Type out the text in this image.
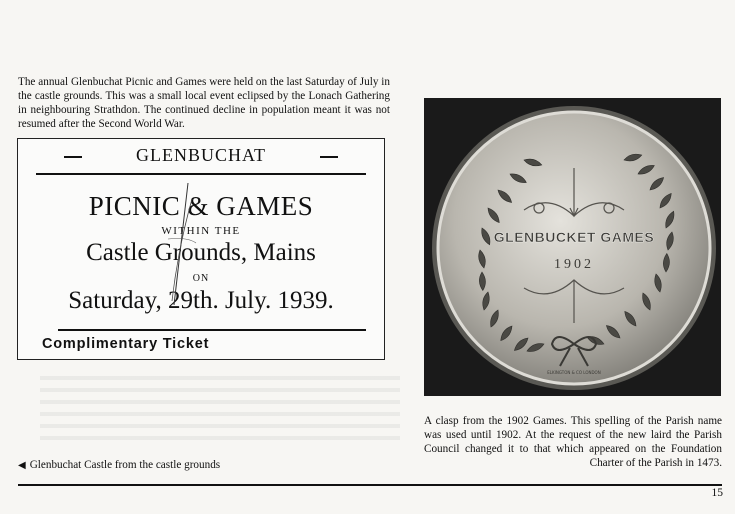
The annual Glenbuchat Picnic and Games were held on the last Saturday of July in the castle grounds. This was a small local event eclipsed by the Lonach Gathering in neighbouring Strathdon. The continued decline in population meant it was not resumed after the Second World War.

GLENBUCHAT
PICNIC & GAMES
WITHIN THE
Castle Grounds, Mains
ON
Saturday, 29th. July. 1939.
Complimentary Ticket
GLENBUCKET GAMES
1902
ELKINGTON & CO LONDON

A clasp from the 1902 Games. This spelling of the Parish name was used until 1902. At the request of the new laird the Parish Council changed it to that which appeared on the Foundation Charter of the Parish in 1473.

◀ Glenbuchat Castle from the castle grounds
15
